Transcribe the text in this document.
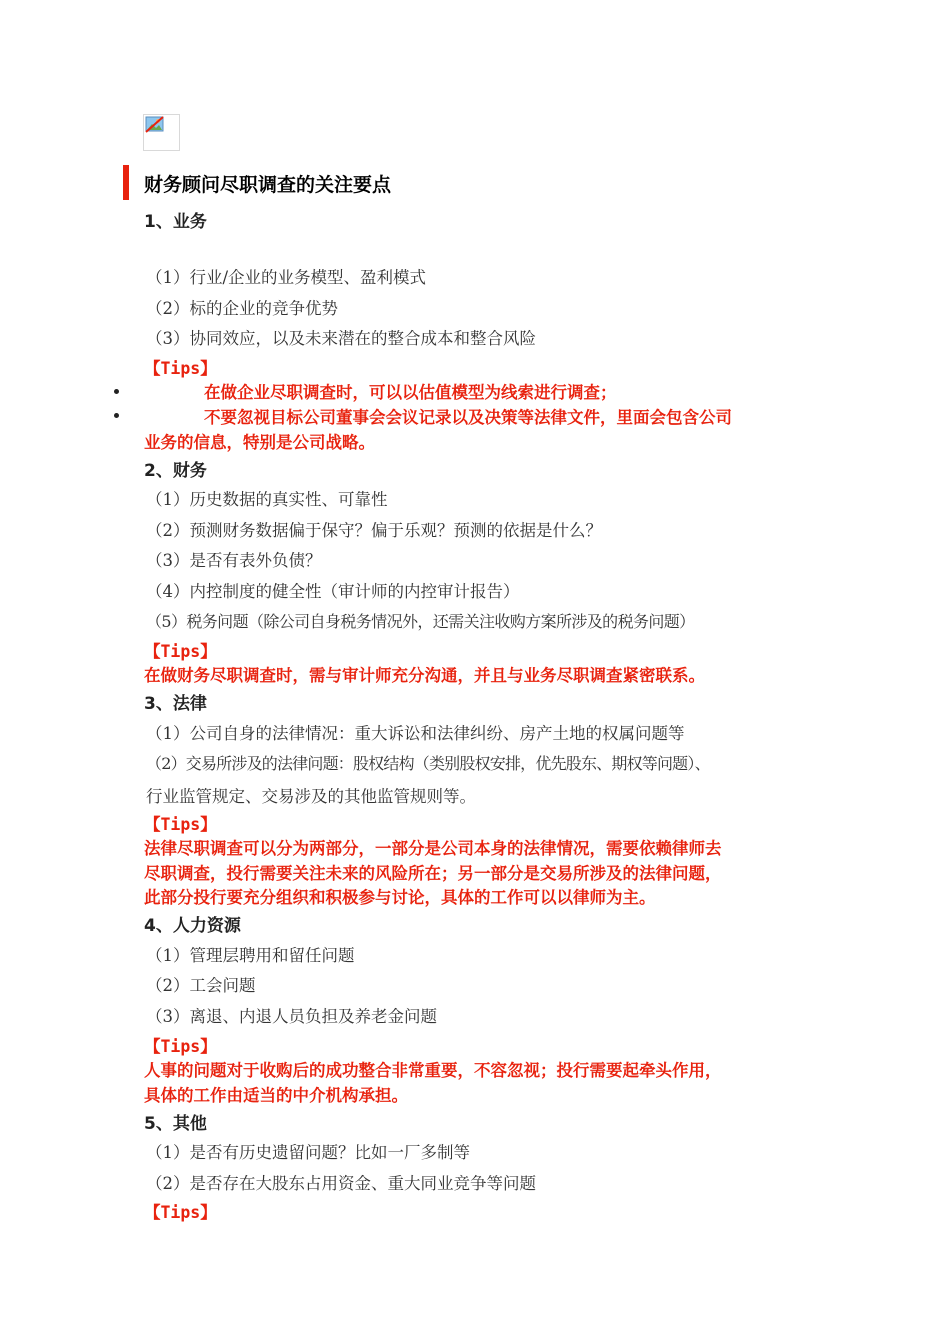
财务顾问尽职调查的关注要点
1、业务
（1）行业/企业的业务模型、盈利模式
（2）标的企业的竞争优势
（3）协同效应，以及未来潜在的整合成本和整合风险
【Tips】
在做企业尽职调查时，可以以估值模型为线索进行调查；
不要忽视目标公司董事会会议记录以及决策等法律文件，里面会包含公司
业务的信息，特别是公司战略。
2、财务
（1）历史数据的真实性、可靠性
（2）预测财务数据偏于保守？偏于乐观？预测的依据是什么？
（3）是否有表外负债？
（4）内控制度的健全性（审计师的内控审计报告）
（5）税务问题（除公司自身税务情况外，还需关注收购方案所涉及的税务问题）
【Tips】
在做财务尽职调查时，需与审计师充分沟通，并且与业务尽职调查紧密联系。
3、法律
（1）公司自身的法律情况：重大诉讼和法律纠纷、房产土地的权属问题等
（2）交易所涉及的法律问题：股权结构（类别股权安排，优先股东、期权等问题）、
行业监管规定、交易涉及的其他监管规则等。
【Tips】
法律尽职调查可以分为两部分，一部分是公司本身的法律情况，需要依赖律师去
尽职调查，投行需要关注未来的风险所在；另一部分是交易所涉及的法律问题，
此部分投行要充分组织和积极参与讨论，具体的工作可以以律师为主。
4、人力资源
（1）管理层聘用和留任问题
（2）工会问题
（3）离退、内退人员负担及养老金问题
【Tips】
人事的问题对于收购后的成功整合非常重要，不容忽视；投行需要起牵头作用，
具体的工作由适当的中介机构承担。
5、其他
（1）是否有历史遗留问题？比如一厂多制等
（2）是否存在大股东占用资金、重大同业竞争等问题
【Tips】
